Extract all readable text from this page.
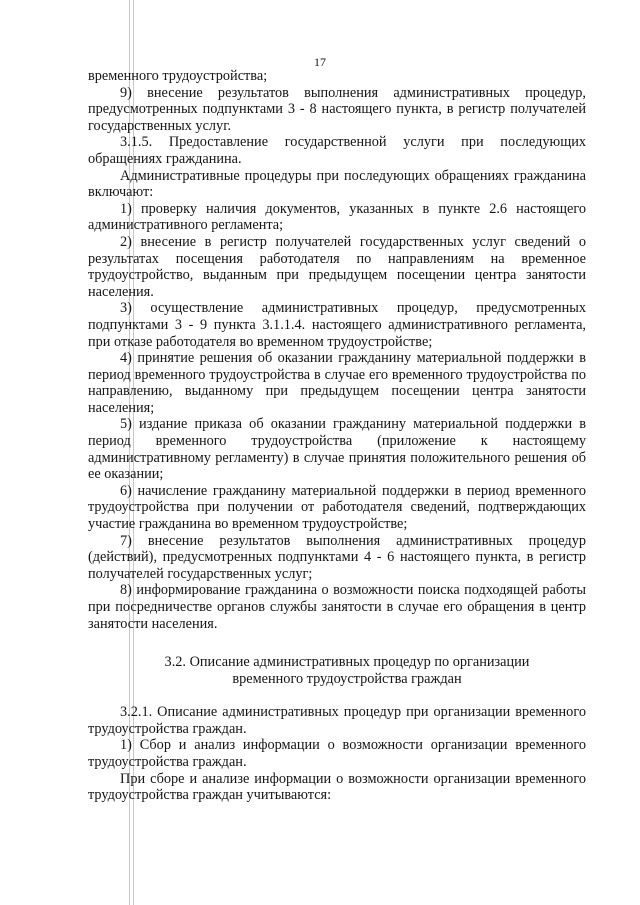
17

временного трудоустройства;

9) внесение результатов выполнения административных процедур, предусмотренных подпунктами 3 - 8 настоящего пункта, в регистр получателей государственных услуг.

3.1.5. Предоставление государственной услуги при последующих обращениях гражданина.

Административные процедуры при последующих обращениях гражданина включают:

1) проверку наличия документов, указанных в пункте 2.6 настоящего административного регламента;

2) внесение в регистр получателей государственных услуг сведений о результатах посещения работодателя по направлениям на временное трудоустройство, выданным при предыдущем посещении центра занятости населения.

3) осуществление административных процедур, предусмотренных подпунктами 3 - 9 пункта 3.1.1.4. настоящего административного регламента, при отказе работодателя во временном трудоустройстве;

4) принятие решения об оказании гражданину материальной поддержки в период временного трудоустройства в случае его временного трудоустройства по направлению, выданному при предыдущем посещении центра занятости населения;

5) издание приказа об оказании гражданину материальной поддержки в период временного трудоустройства (приложение к настоящему административному регламенту) в случае принятия положительного решения об ее оказании;

6) начисление гражданину материальной поддержки в период временного трудоустройства при получении от работодателя сведений, подтверждающих участие гражданина во временном трудоустройстве;

7) внесение результатов выполнения административных процедур (действий), предусмотренных подпунктами 4 - 6 настоящего пункта, в регистр получателей государственных услуг;

8) информирование гражданина о возможности поиска подходящей работы при посредничестве органов службы занятости в случае его обращения в центр занятости населения.

3.2. Описание административных процедур по организации временного трудоустройства граждан

3.2.1. Описание административных процедур при организации временного трудоустройства граждан.

1) Сбор и анализ информации о возможности организации временного трудоустройства граждан.

При сборе и анализе информации о возможности организации временного трудоустройства граждан учитываются:
